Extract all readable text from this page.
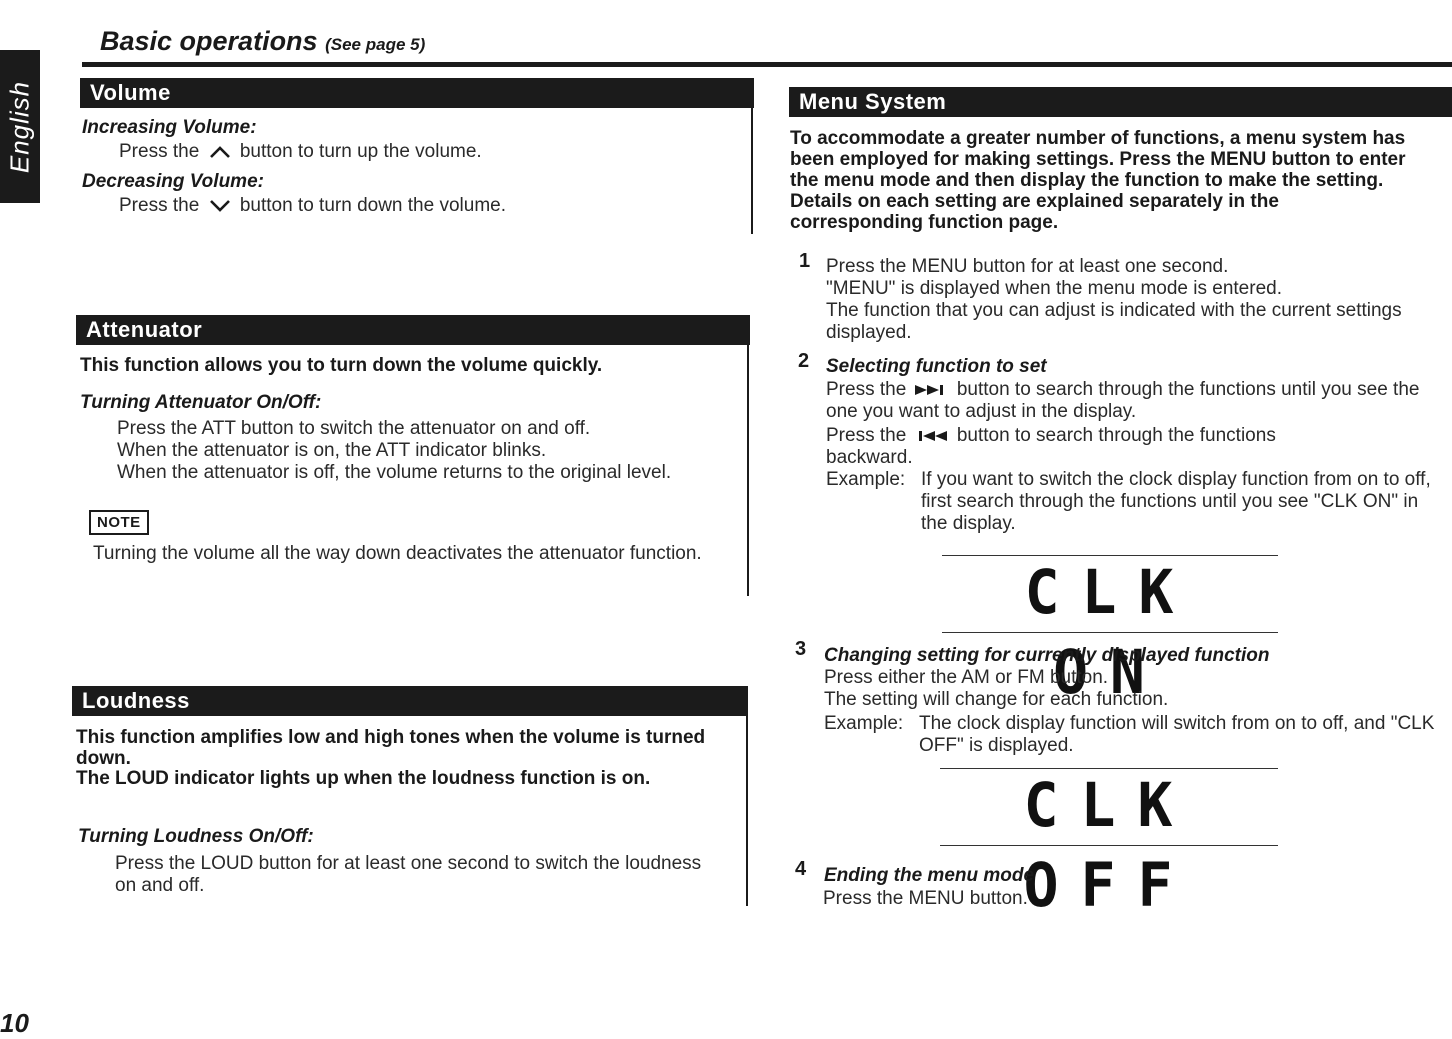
English
Basic operations (See page 5)
Volume
Increasing Volume:
Press the button to turn up the volume.
Decreasing Volume:
Press the button to turn down the volume.
Attenuator
This function allows you to turn down the volume quickly.
Turning Attenuator On/Off:
Press the ATT button to switch the attenuator on and off.
When the attenuator is on, the ATT indicator blinks.
When the attenuator is off, the volume returns to the original level.
NOTE
Turning the volume all the way down deactivates the attenuator function.
Loudness
This function amplifies low and high tones when the volume is turned down.
The LOUD indicator lights up when the loudness function is on.
Turning Loudness On/Off:
Press the LOUD button for at least one second to switch the loudness on and off.
Menu System
To accommodate a greater number of functions, a menu system has been employed for making settings. Press the MENU button to enter the menu mode and then display the function to make the setting. Details on each setting are explained separately in the corresponding function page.
1 Press the MENU button for at least one second.
"MENU" is displayed when the menu mode is entered.
The function that you can adjust is indicated with the current settings displayed.
2 Selecting function to set
Press the	button to search through the functions until you see the one you want to adjust in the display.
Press the	button to search through the functions backward.
Example: If you want to switch the clock display function from on to off, first search through the functions until you see "CLK ON" in the display.
CLK ON
3 Changing setting for currently displayed function
Press either the AM or FM button.
The setting will change for each function.
Example: The clock display function will switch from on to off, and "CLK OFF" is displayed.
CLK OFF
4 Ending the menu mode
Press the MENU button.
10
